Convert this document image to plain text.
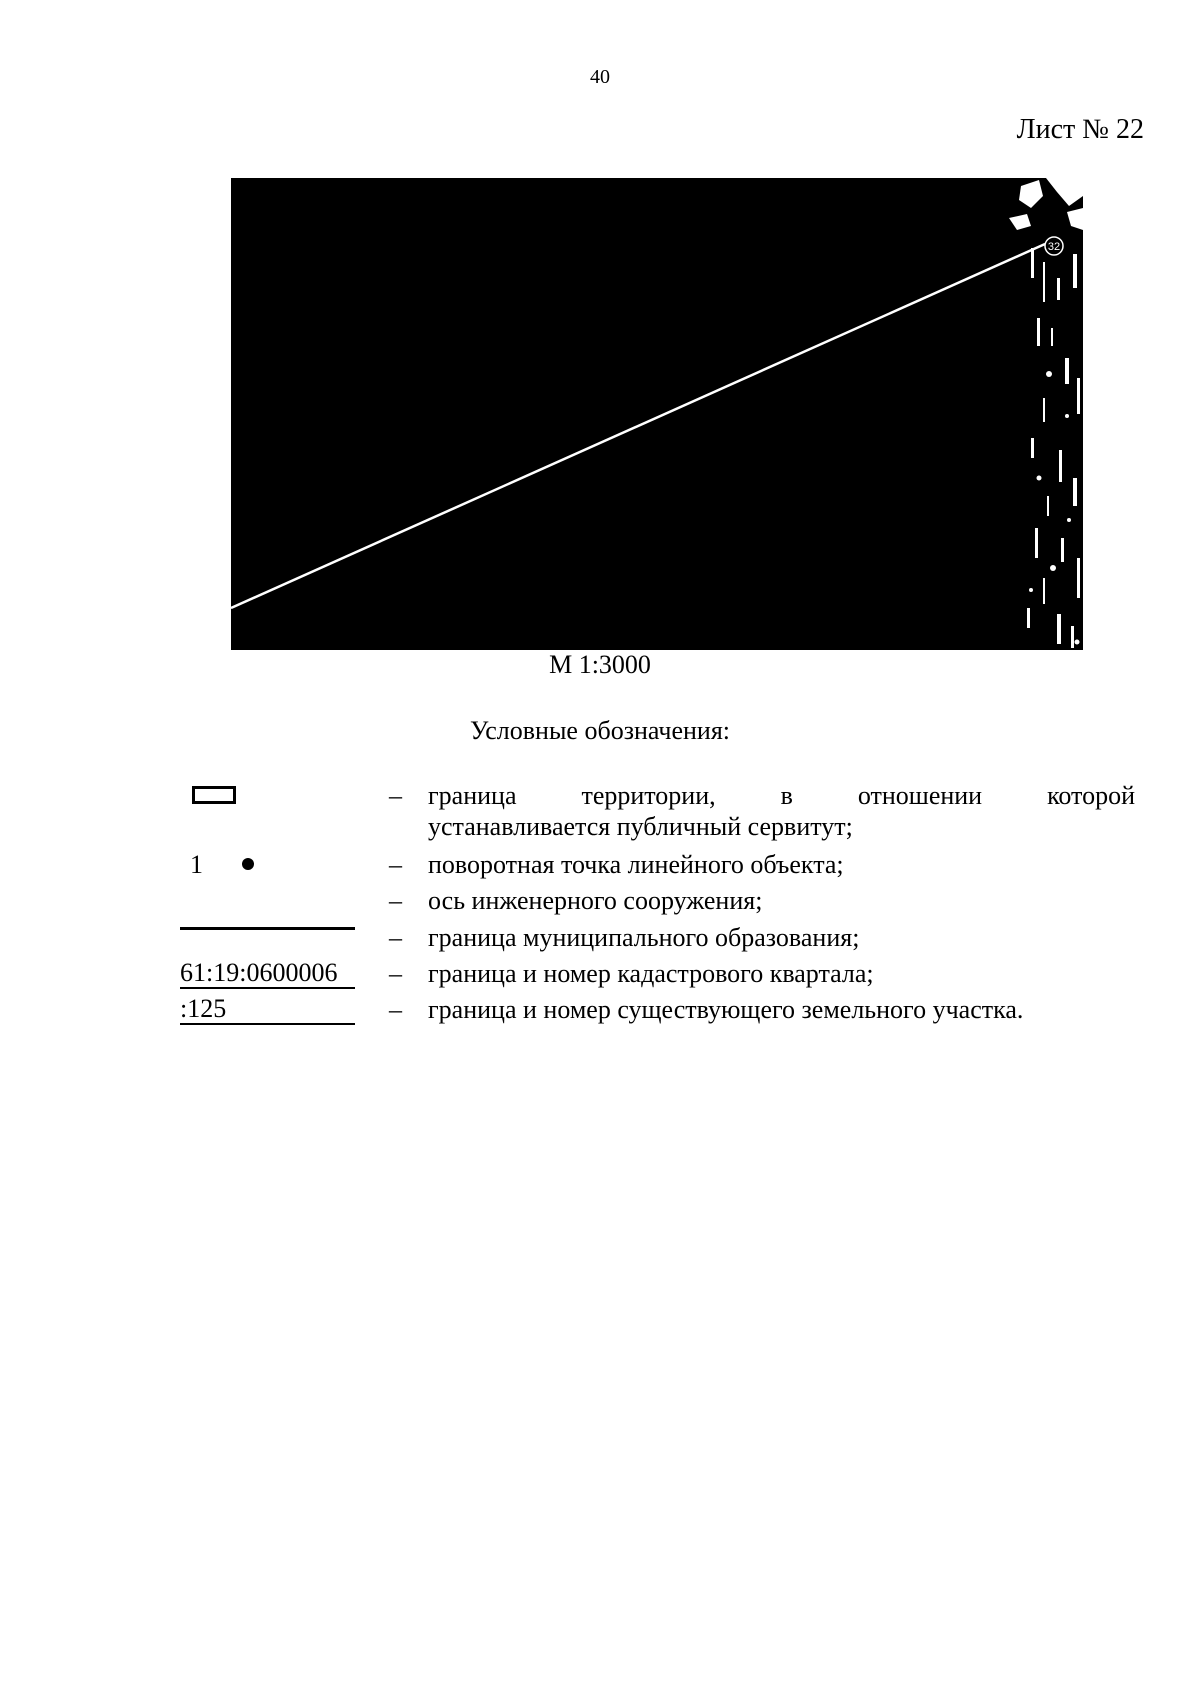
40
Лист № 22
32
М 1:3000
Условные обозначения:
– граница территории, в отношении которой
устанавливается публичный сервитут;
1	– поворотная точка линейного объекта;
– ось инженерного сооружения;
– граница муниципального образования;
61:19:0600006	– граница и номер кадастрового квартала;
:125	– граница и номер существующего земельного участка.
